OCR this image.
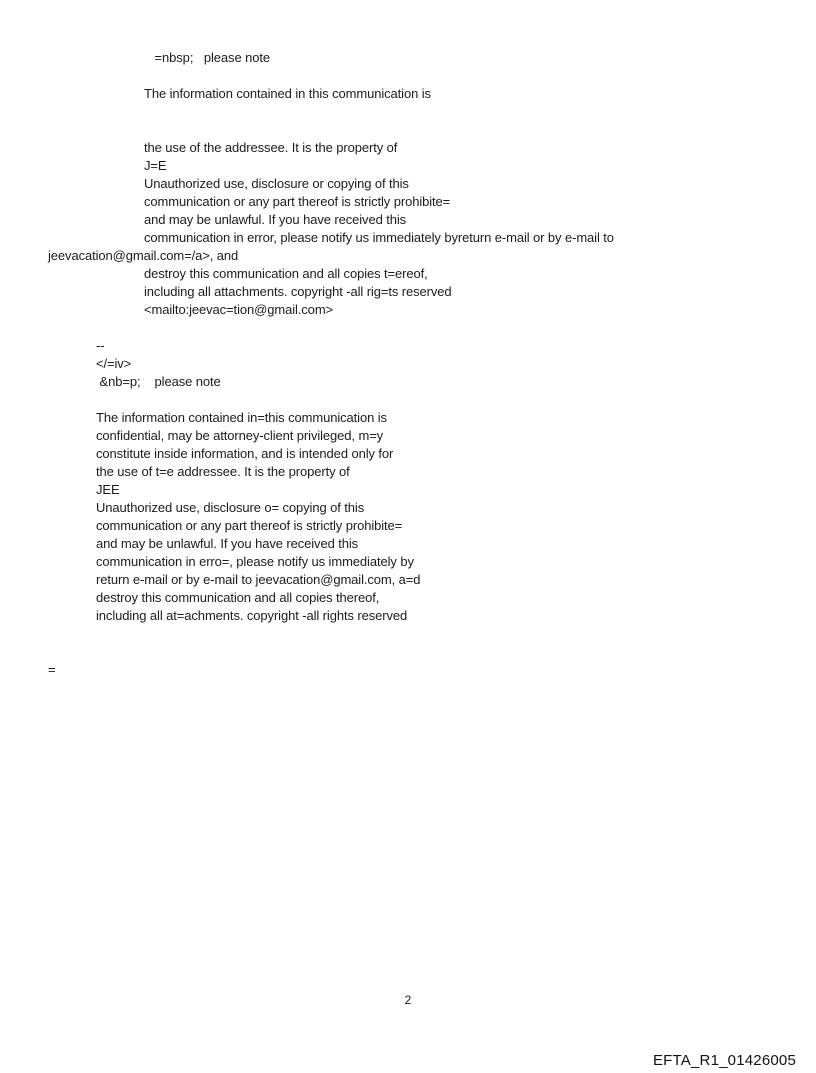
=nbsp;   please note
The information contained in this communication is
the use of the addressee. It is the property of
J=E
Unauthorized use, disclosure or copying of this
communication or any part thereof is strictly prohibite=
and may be unlawful. If you have received this
communication in error, please notify us immediately byreturn e-mail or by e-mail to
jeevacation@gmail.com=/a>, and
destroy this communication and all copies t=ereof,
including all attachments. copyright -all rig=ts reserved
<mailto:jeevac=tion@gmail.com>
--
</=iv>
&nb=p;    please note
The information contained in=this communication is
confidential, may be attorney-client privileged, m=y
constitute inside information, and is intended only for
the use of t=e addressee. It is the property of
JEE
Unauthorized use, disclosure o= copying of this
communication or any part thereof is strictly prohibite=
and may be unlawful. If you have received this
communication in erro=, please notify us immediately by
return e-mail or by e-mail to jeevacation@gmail.com, a=d
destroy this communication and all copies thereof,
including all at=achments. copyright -all rights reserved
=
2
EFTA_R1_01426005
